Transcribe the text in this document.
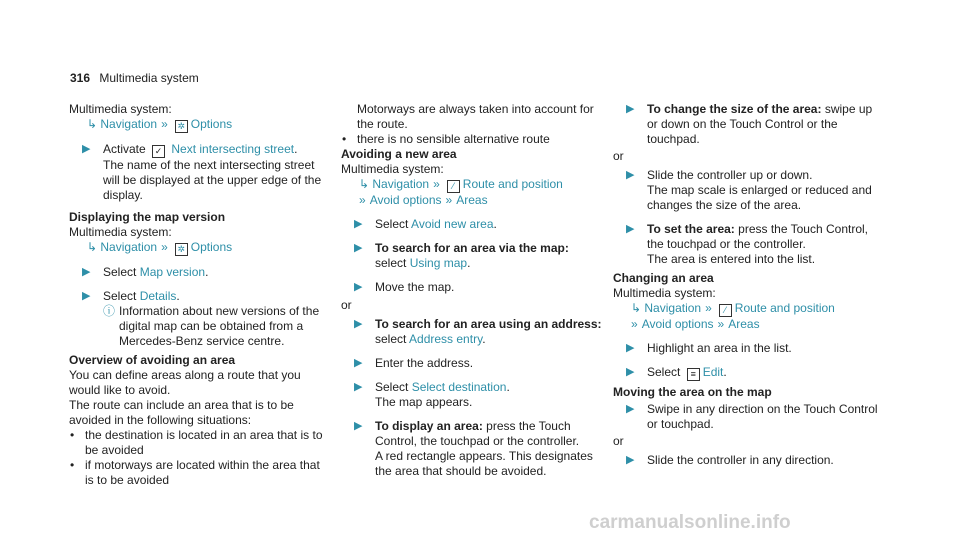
316 Multimedia system

Multimedia system:

↳ Navigation » ✲ Options

▶ Activate ✓ Next intersecting street.

The name of the next intersecting street will be displayed at the upper edge of the display.

Displaying the map version

Multimedia system:

↳ Navigation » ✲ Options

▶ Select Map version.
▶ Select Details.
ⓘ Information about new versions of the digital map can be obtained from a Mercedes-Benz service centre.

Overview of avoiding an area

You can define areas along a route that you would like to avoid.

The route can include an area that is to be avoided in the following situations:

• the destination is located in an area that is to be avoided
• if motorways are located within the area that is to be avoided

Motorways are always taken into account for the route.

• there is no sensible alternative route

Avoiding a new area

Multimedia system:

↳ Navigation » ⁄ Route and position

» Avoid options » Areas

▶ Select Avoid new area.
▶ To search for an area via the map: select Using map.
▶ Move the map.

or

▶ To search for an area using an address: select Address entry.
▶ Enter the address.
▶ Select Select destination.

The map appears.

▶ To display an area: press the Touch Control, the touchpad or the controller.

A red rectangle appears. This designates the area that should be avoided.

▶ To change the size of the area: swipe up or down on the Touch Control or the touchpad.

or

▶ Slide the controller up or down.

The map scale is enlarged or reduced and changes the size of the area.

▶ To set the area: press the Touch Control, the touchpad or the controller.

The area is entered into the list.

Changing an area

Multimedia system:

↳ Navigation » ⁄ Route and position

» Avoid options » Areas

▶ Highlight an area in the list.
▶ Select ≡ Edit.

Moving the area on the map

▶ Swipe in any direction on the Touch Control or touchpad.

or

▶ Slide the controller in any direction.
carmanualsonline.info
